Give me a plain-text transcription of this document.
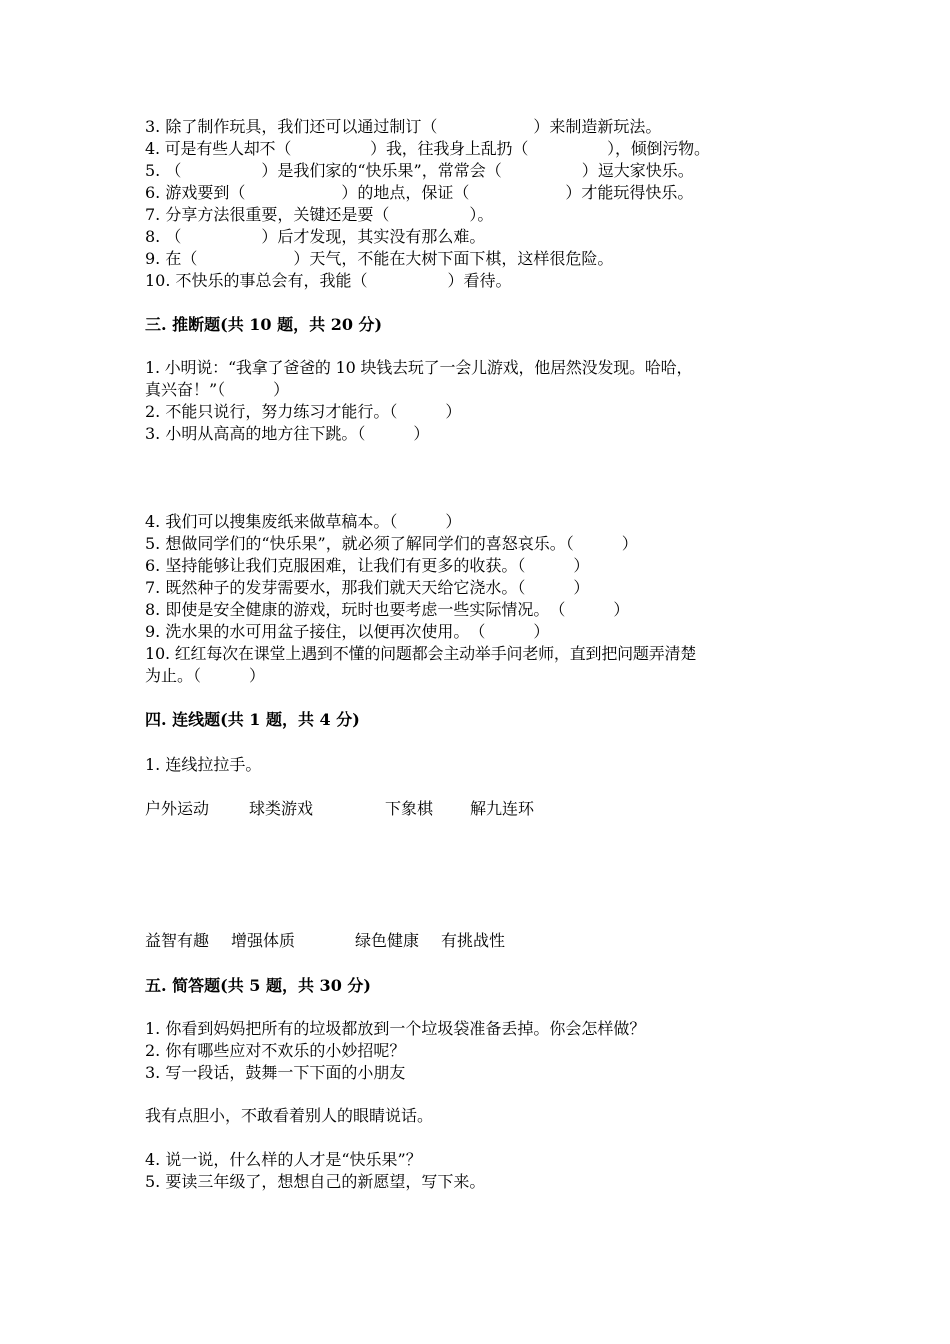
3. 除了制作玩具，我们还可以通过制订（　　　　　　）来制造新玩法。
4. 可是有些人却不（　　　　　）我，往我身上乱扔（　　　　　），倾倒污物。
5. （　　　　　）是我们家的“快乐果”，常常会（　　　　　）逗大家快乐。
6. 游戏要到（　　　　　　）的地点，保证（　　　　　　）才能玩得快乐。
7. 分享方法很重要，关键还是要（　　　　　）。
8. （　　　　　）后才发现，其实没有那么难。
9. 在（　　　　　　）天气，不能在大树下面下棋，这样很危险。
10. 不快乐的事总会有，我能（　　　　　）看待。
三. 推断题(共 10 题，共 20 分)
1. 小明说：“我拿了爸爸的 10 块钱去玩了一会儿游戏，他居然没发现。哈哈，
真兴奋！”（　　　）
2. 不能只说行，努力练习才能行。（　　　）
3. 小明从高高的地方往下跳。（　　　）
4. 我们可以搜集废纸来做草稿本。（　　　）
5. 想做同学们的“快乐果”，就必须了解同学们的喜怒哀乐。（　　　）
6. 坚持能够让我们克服困难，让我们有更多的收获。（　　　）
7. 既然种子的发芽需要水，那我们就天天给它浇水。（　　　）
8. 即使是安全健康的游戏，玩时也要考虑一些实际情况。　（　　　）
9. 洗水果的水可用盆子接住，以便再次使用。　（　　　）
10. 红红每次在课堂上遇到不懂的问题都会主动举手问老师，直到把问题弄清楚
为止。（　　　）
四. 连线题(共 1 题，共 4 分)
1. 连线拉拉手。
户外运动 球类游戏	下象棋 解九连环
益智有趣 增强体质	绿色健康 有挑战性
五. 简答题(共 5 题，共 30 分)
1. 你看到妈妈把所有的垃圾都放到一个垃圾袋准备丢掉。你会怎样做？
2. 你有哪些应对不欢乐的小妙招呢？
3. 写一段话，鼓舞一下下面的小朋友
我有点胆小，不敢看着别人的眼睛说话。
4. 说一说，什么样的人才是“快乐果”？
5. 要读三年级了，想想自己的新愿望，写下来。
